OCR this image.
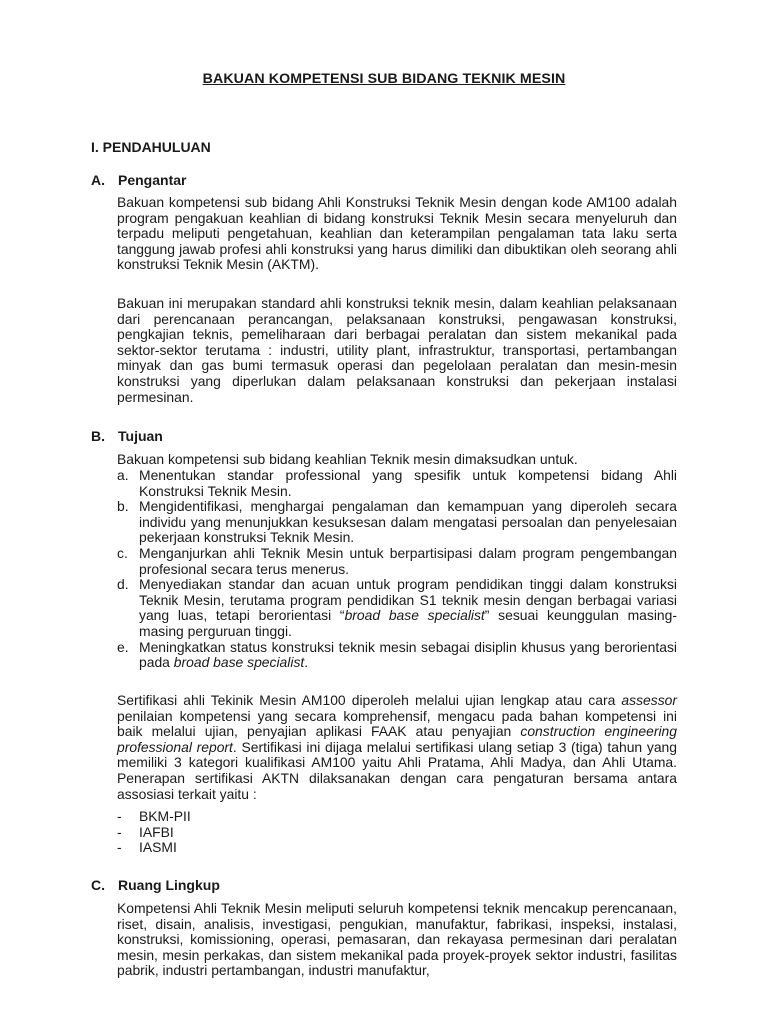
BAKUAN KOMPETENSI SUB BIDANG TEKNIK MESIN
I. PENDAHULUAN
A. Pengantar

Bakuan kompetensi sub bidang Ahli Konstruksi Teknik Mesin dengan kode AM100 adalah program pengakuan keahlian di bidang konstruksi Teknik Mesin secara menyeluruh dan terpadu meliputi pengetahuan, keahlian dan keterampilan pengalaman tata laku serta tanggung jawab profesi ahli konstruksi yang harus dimiliki dan dibuktikan oleh seorang ahli konstruksi Teknik Mesin (AKTM).

Bakuan ini merupakan standard ahli konstruksi teknik mesin, dalam keahlian pelaksanaan dari perencanaan perancangan, pelaksanaan konstruksi, pengawasan konstruksi, pengkajian teknis, pemeliharaan dari berbagai peralatan dan sistem mekanikal pada sektor-sektor terutama : industri, utility plant, infrastruktur, transportasi, pertambangan minyak dan gas bumi termasuk operasi dan pegelolaan peralatan dan mesin-mesin konstruksi yang diperlukan dalam pelaksanaan konstruksi dan pekerjaan instalasi permesinan.

B. Tujuan

Bakuan kompetensi sub bidang keahlian Teknik mesin dimaksudkan untuk.

a. Menentukan standar professional yang spesifik untuk kompetensi bidang Ahli Konstruksi Teknik Mesin.
b. Mengidentifikasi, menghargai pengalaman dan kemampuan yang diperoleh secara individu yang menunjukkan kesuksesan dalam mengatasi persoalan dan penyelesaian pekerjaan konstruksi Teknik Mesin.
c. Menganjurkan ahli Teknik Mesin untuk berpartisipasi dalam program pengembangan profesional secara terus menerus.
d. Menyediakan standar dan acuan untuk program pendidikan tinggi dalam konstruksi Teknik Mesin, terutama program pendidikan S1 teknik mesin dengan berbagai variasi yang luas, tetapi berorientasi “broad base specialist” sesuai keunggulan masing-masing perguruan tinggi.
e. Meningkatkan status konstruksi teknik mesin sebagai disiplin khusus yang berorientasi pada broad base specialist.

Sertifikasi ahli Tekinik Mesin AM100 diperoleh melalui ujian lengkap atau cara assessor penilaian kompetensi yang secara komprehensif, mengacu pada bahan kompetensi ini baik melalui ujian, penyajian aplikasi FAAK atau penyajian construction engineering professional report. Sertifikasi ini dijaga melalui sertifikasi ulang setiap 3 (tiga) tahun yang memiliki 3 kategori kualifikasi AM100 yaitu Ahli Pratama, Ahli Madya, dan Ahli Utama. Penerapan sertifikasi AKTN dilaksanakan dengan cara pengaturan bersama antara assosiasi terkait yaitu :

-	BKM-PII
-	IAFBI
-	IASMI
C. Ruang Lingkup

Kompetensi Ahli Teknik Mesin meliputi seluruh kompetensi teknik mencakup perencanaan, riset, disain, analisis, investigasi, pengukian, manufaktur, fabrikasi, inspeksi, instalasi, konstruksi, komissioning, operasi, pemasaran, dan rekayasa permesinan dari peralatan mesin, mesin perkakas, dan sistem mekanikal pada proyek-proyek sektor industri, fasilitas pabrik, industri pertambangan, industri manufaktur,
